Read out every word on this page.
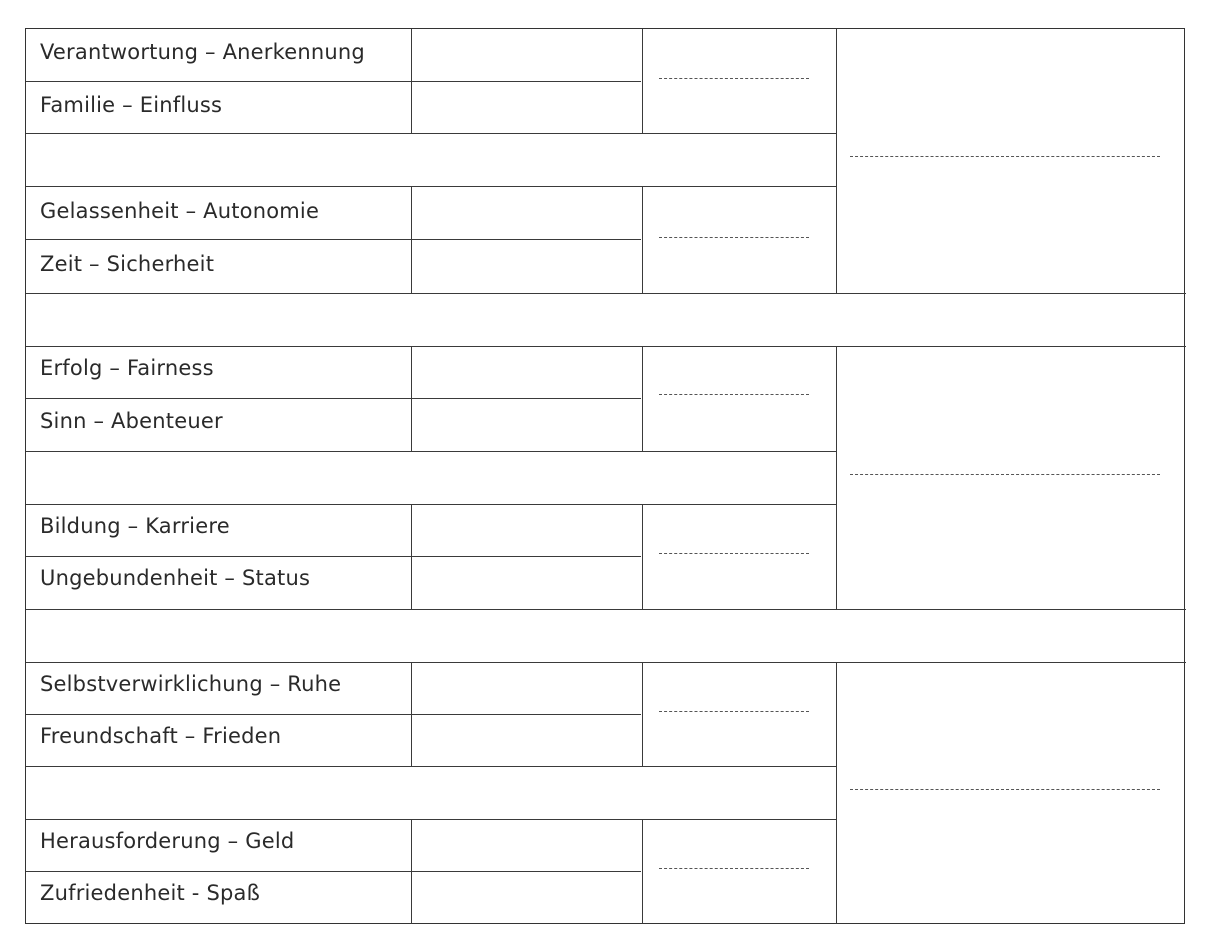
Verantwortung – Anerkennung
Familie – Einfluss
Gelassenheit – Autonomie
Zeit – Sicherheit
Erfolg – Fairness
Sinn – Abenteuer
Bildung – Karriere
Ungebundenheit – Status
Selbstverwirklichung – Ruhe
Freundschaft – Frieden
Herausforderung – Geld
Zufriedenheit - Spaß
